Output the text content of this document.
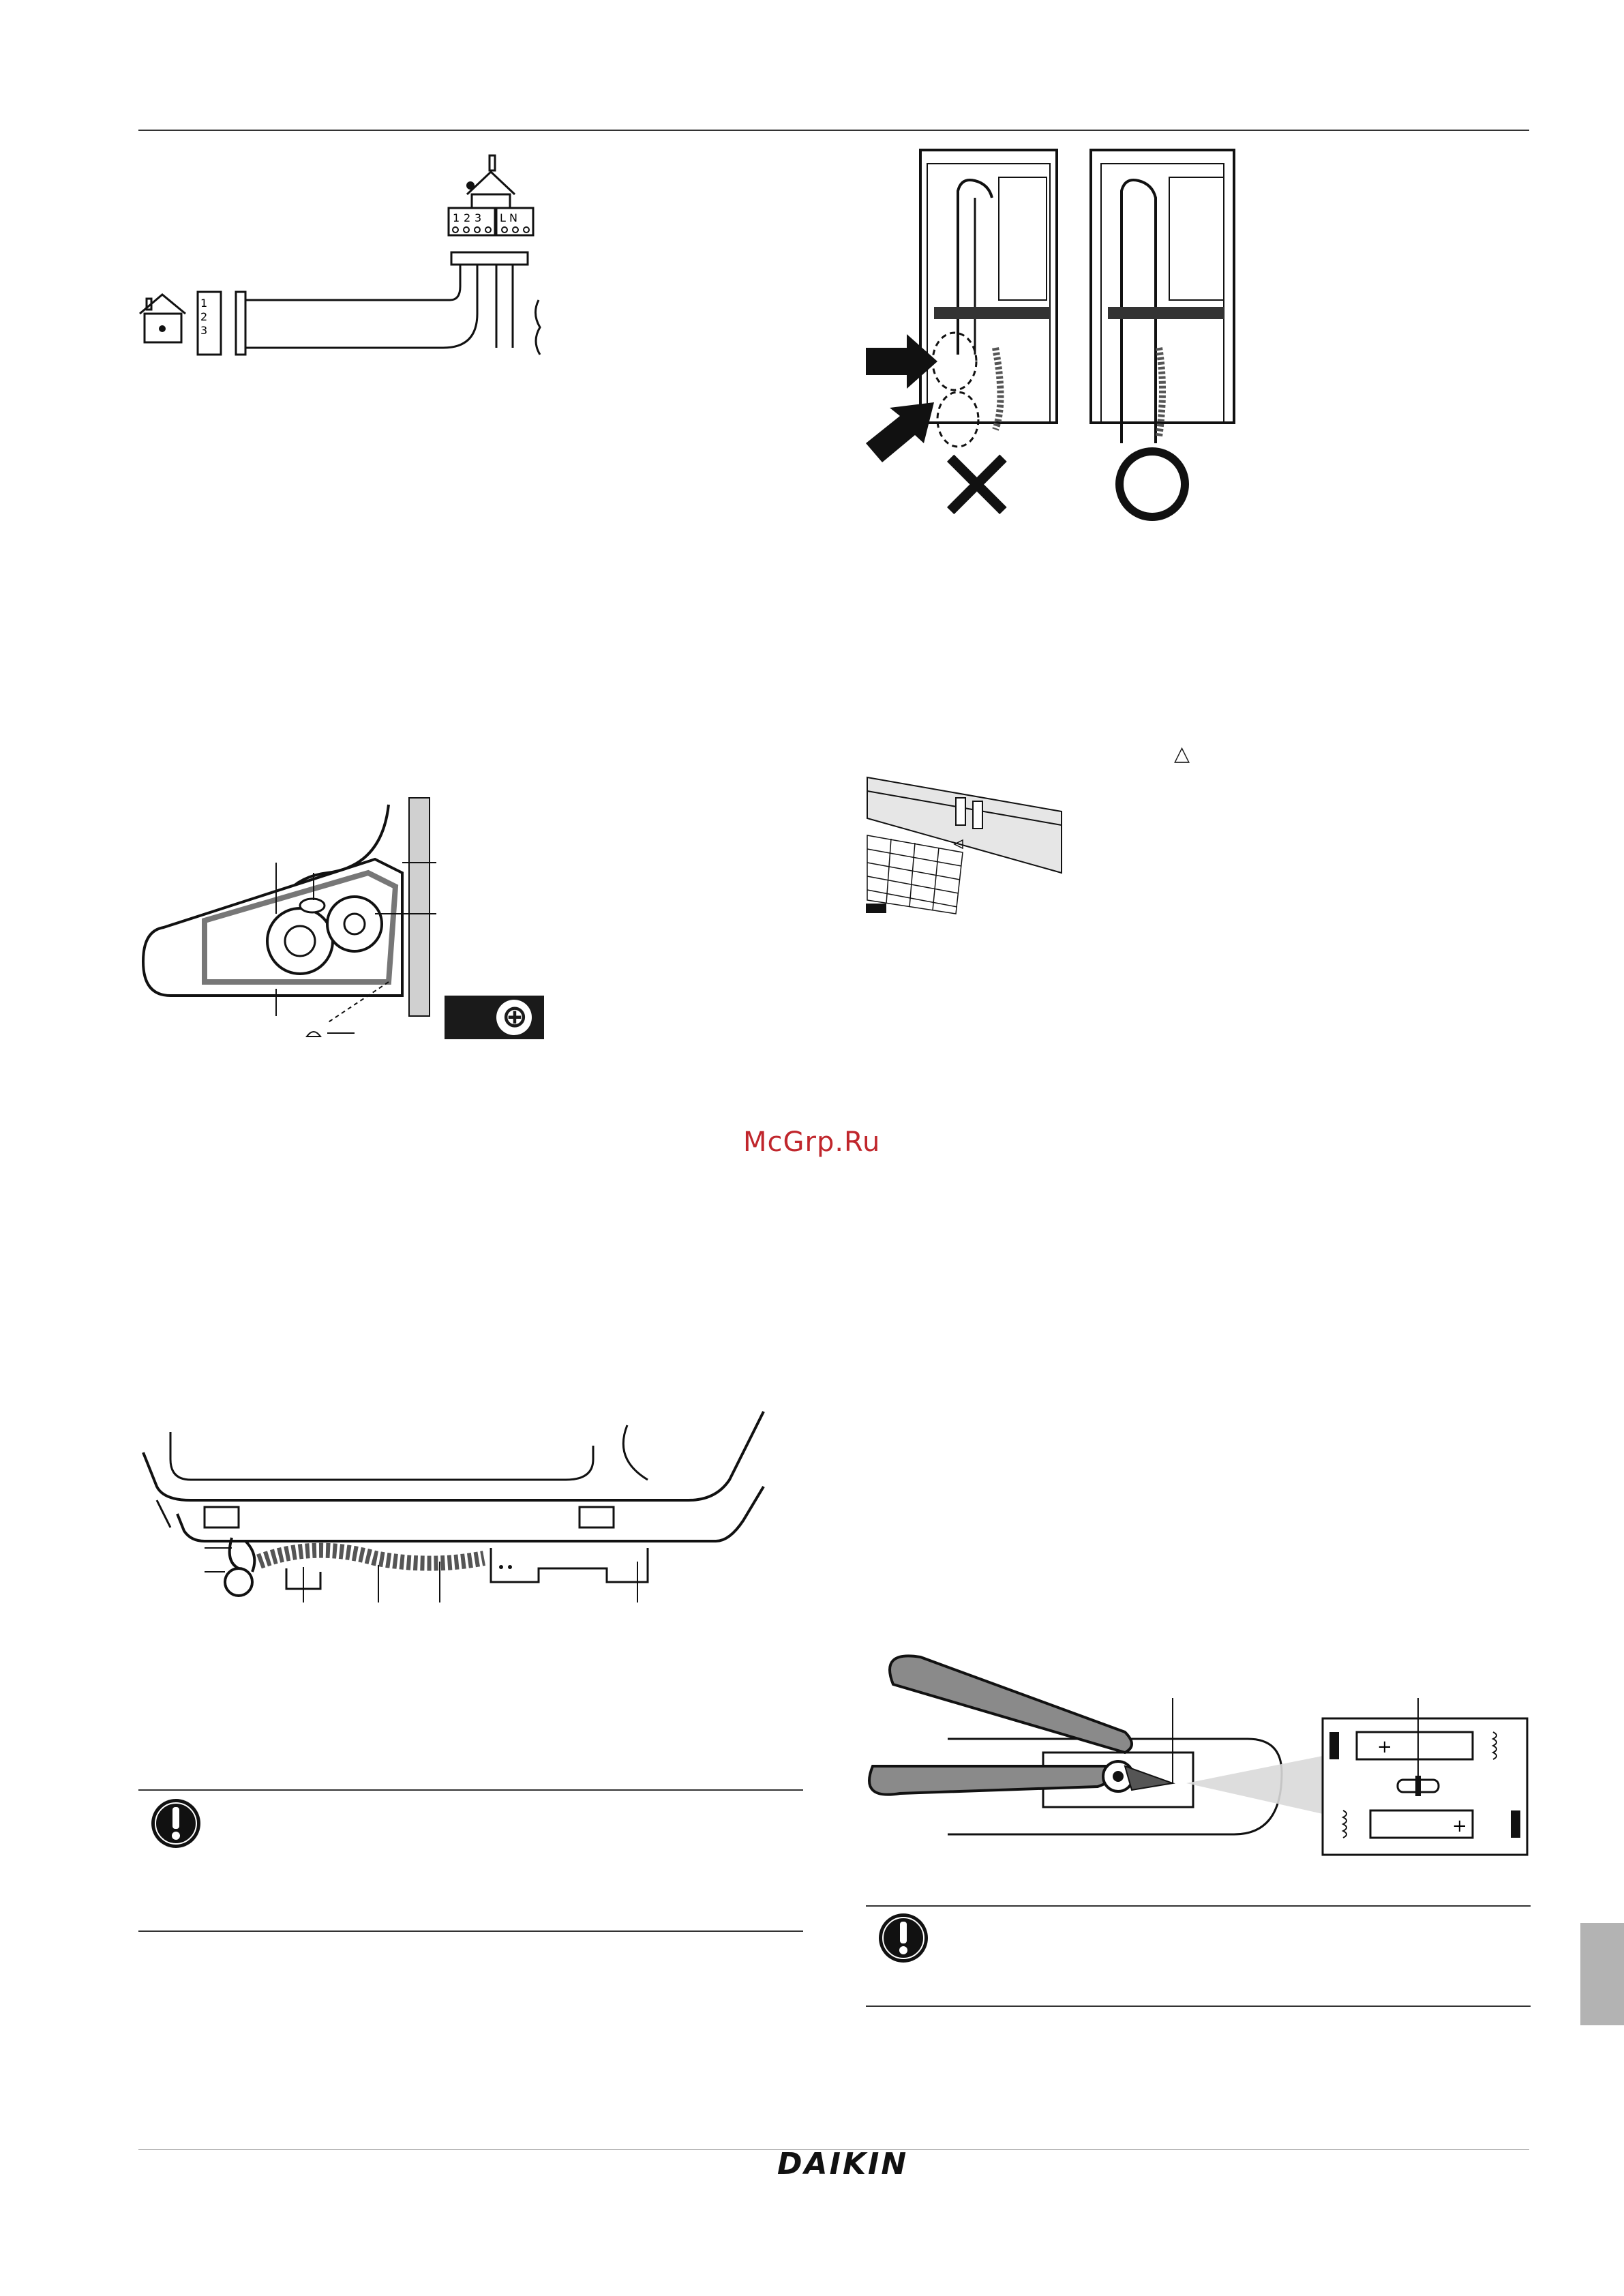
1 2 3 L N
1
2
3
✕
△
⊕
McGrp.Ru
+
+
DAIKIN
